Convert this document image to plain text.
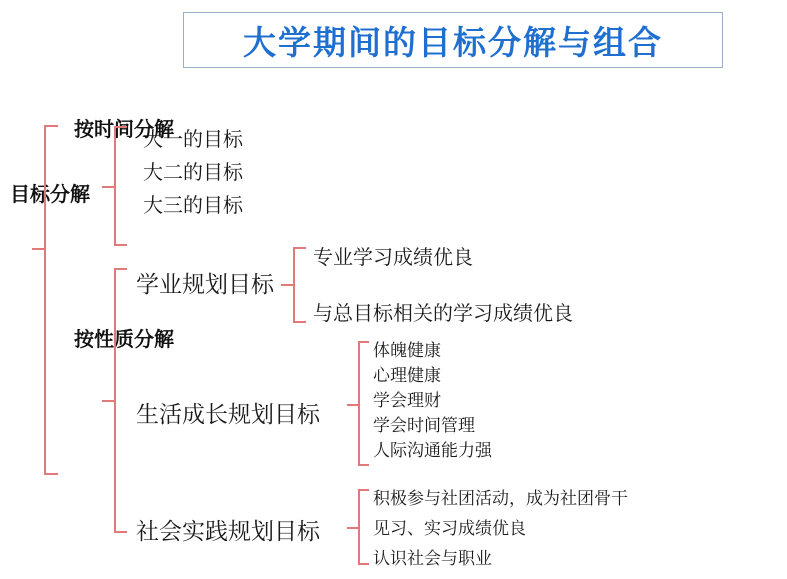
大学期间的目标分解与组合
目标分解
按时间分解
大一的目标
大二的目标
大三的目标
按性质分解
学业规划目标
专业学习成绩优良
与总目标相关的学习成绩优良
生活成长规划目标
体魄健康
心理健康
学会理财
学会时间管理
人际沟通能力强
社会实践规划目标
积极参与社团活动，成为社团骨干
见习、实习成绩优良
认识社会与职业
